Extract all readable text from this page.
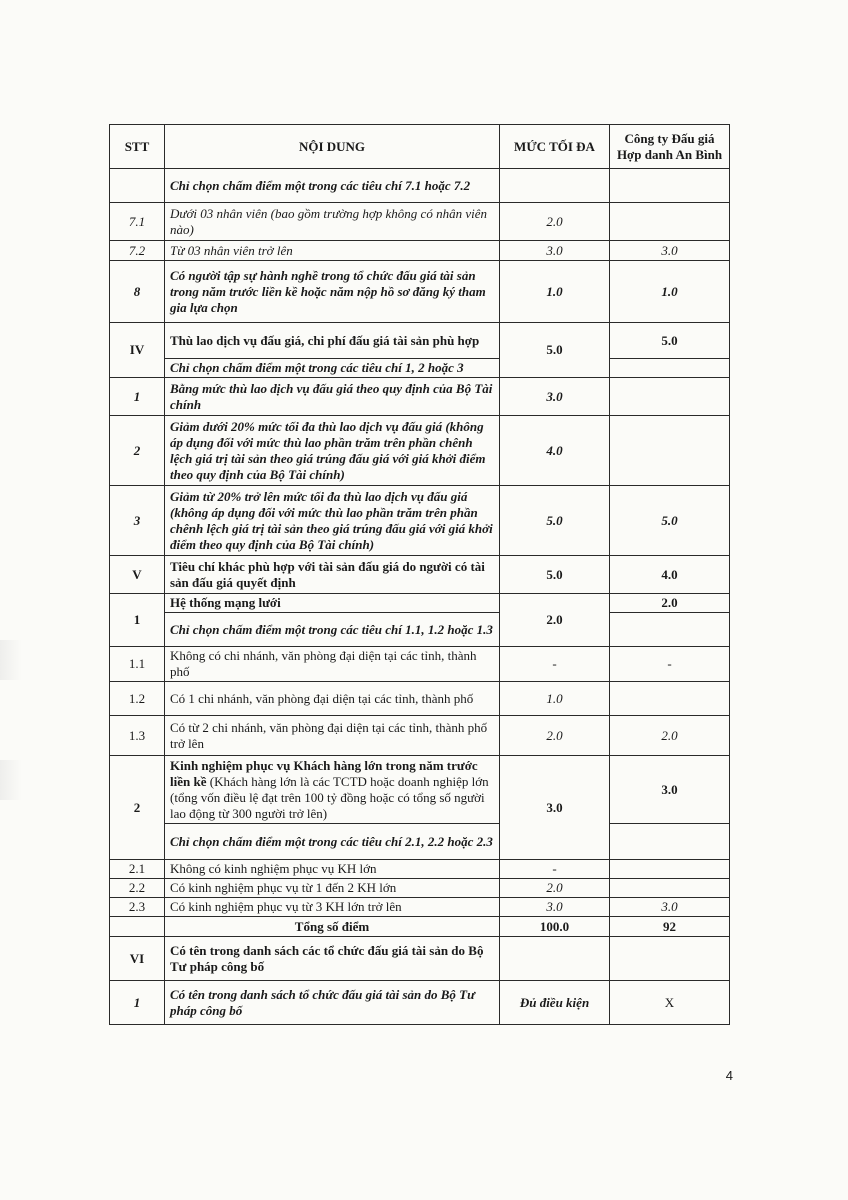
STT	NỘI DUNG	MỨC TỐI ĐA	Công ty Đấu giá Hợp danh An Bình
	Chỉ chọn chấm điểm một trong các tiêu chí 7.1 hoặc 7.2		
7.1	Dưới 03 nhân viên (bao gồm trường hợp không có nhân viên nào)	2.0	
7.2	Từ 03 nhân viên trở lên	3.0	3.0
8	Có người tập sự hành nghề trong tổ chức đấu giá tài sản trong năm trước liền kề hoặc năm nộp hồ sơ đăng ký tham gia lựa chọn	1.0	1.0
IV	Thù lao dịch vụ đấu giá, chi phí đấu giá tài sản phù hợp	5.0	5.0
	Chỉ chọn chấm điểm một trong các tiêu chí 1, 2 hoặc 3		
1	Bằng mức thù lao dịch vụ đấu giá theo quy định của Bộ Tài chính	3.0	
2	Giảm dưới 20% mức tối đa thù lao dịch vụ đấu giá (không áp dụng đối với mức thù lao phần trăm trên phần chênh lệch giá trị tài sản theo giá trúng đấu giá với giá khởi điểm theo quy định của Bộ Tài chính)	4.0	
3	Giảm từ 20% trở lên mức tối đa thù lao dịch vụ đấu giá (không áp dụng đối với mức thù lao phần trăm trên phần chênh lệch giá trị tài sản theo giá trúng đấu giá với giá khởi điểm theo quy định của Bộ Tài chính)	5.0	5.0
V	Tiêu chí khác phù hợp với tài sản đấu giá do người có tài sản đấu giá quyết định	5.0	4.0
1	Hệ thống mạng lưới	2.0	2.0
	Chỉ chọn chấm điểm một trong các tiêu chí 1.1, 1.2 hoặc 1.3		
1.1	Không có chi nhánh, văn phòng đại diện tại các tỉnh, thành phố	-	-
1.2	Có 1 chi nhánh, văn phòng đại diện tại các tỉnh, thành phố	1.0	
1.3	Có từ 2 chi nhánh, văn phòng đại diện tại các tỉnh, thành phố trở lên	2.0	2.0
2	Kinh nghiệm phục vụ Khách hàng lớn trong năm trước liền kề (Khách hàng lớn là các TCTD hoặc doanh nghiệp lớn (tổng vốn điều lệ đạt trên 100 tỷ đồng hoặc có tổng số người lao động từ 300 người trở lên)	3.0	3.0
	Chỉ chọn chấm điểm một trong các tiêu chí 2.1, 2.2 hoặc 2.3		
2.1	Không có kinh nghiệm phục vụ KH lớn	-	
2.2	Có kinh nghiệm phục vụ từ 1 đến 2 KH lớn	2.0	
2.3	Có kinh nghiệm phục vụ từ 3 KH lớn trở lên	3.0	3.0
	Tổng số điểm	100.0	92
VI	Có tên trong danh sách các tổ chức đấu giá tài sản do Bộ Tư pháp công bố		
1	Có tên trong danh sách tổ chức đấu giá tài sản do Bộ Tư pháp công bố	Đủ điều kiện	X
4
